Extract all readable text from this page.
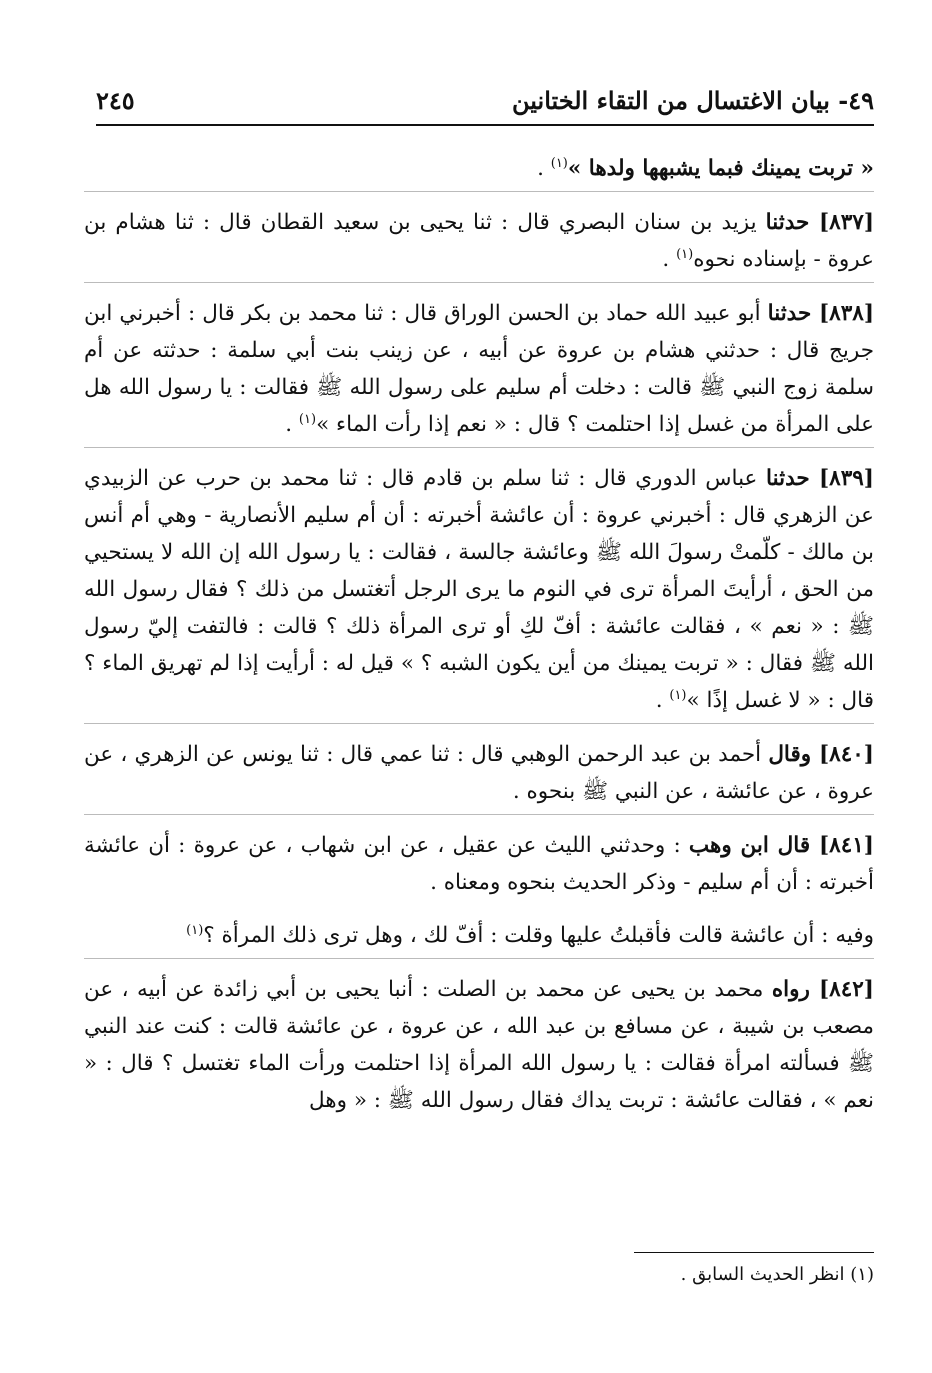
٤٩- بيان الاغتسال من التقاء الختانين
٢٤٥

« تربت يمينك فبما يشبهها ولدها »$^{(١)}$ .

[٨٣٧] حدثنا يزيد بن سنان البصري قال : ثنا يحيى بن سعيد القطان قال : ثنا هشام بن عروة - بإسناده نحوه$^{(١)}$ .

[٨٣٨] حدثنا أبو عبيد الله حماد بن الحسن الوراق قال : ثنا محمد بن بكر قال : أخبرني ابن جريج قال : حدثني هشام بن عروة عن أبيه ، عن زينب بنت أبي سلمة : حدثته عن أم سلمة زوج النبي ﷺ قالت : دخلت أم سليم على رسول الله ﷺ فقالت : يا رسول الله هل على المرأة من غسل إذا احتلمت ؟ قال : « نعم إذا رأت الماء »$^{(١)}$ .

[٨٣٩] حدثنا عباس الدوري قال : ثنا سلم بن قادم قال : ثنا محمد بن حرب عن الزبيدي عن الزهري قال : أخبرني عروة : أن عائشة أخبرته : أن أم سليم الأنصارية - وهي أم أنس بن مالك - كلّمتْ رسولَ الله ﷺ وعائشة جالسة ، فقالت : يا رسول الله إن الله لا يستحيي من الحق ، أرأيتَ المرأة ترى في النوم ما يرى الرجل أتغتسل من ذلك ؟ فقال رسول الله ﷺ : « نعم » ، فقالت عائشة : أفّ لكِ أو ترى المرأة ذلك ؟ قالت : فالتفت إليّ رسول الله ﷺ فقال : « تربت يمينك من أين يكون الشبه ؟ » قيل له : أرأيت إذا لم تهريق الماء ؟ قال : « لا غسل إذًا »$^{(١)}$ .

[٨٤٠] وقال أحمد بن عبد الرحمن الوهبي قال : ثنا عمي قال : ثنا يونس عن الزهري ، عن عروة ، عن عائشة ، عن النبي ﷺ بنحوه .

[٨٤١] قال ابن وهب : وحدثني الليث عن عقيل ، عن ابن شهاب ، عن عروة : أن عائشة أخبرته : أن أم سليم - وذكر الحديث بنحوه ومعناه .

وفيه : أن عائشة قالت فأقبلتُ عليها وقلت : أفّ لك ، وهل ترى ذلك المرأة ؟$^{(١)}$

[٨٤٢] رواه محمد بن يحيى عن محمد بن الصلت : أنبا يحيى بن أبي زائدة عن أبيه ، عن مصعب بن شيبة ، عن مسافع بن عبد الله ، عن عروة ، عن عائشة قالت : كنت عند النبي ﷺ فسألته امرأة فقالت : يا رسول الله المرأة إذا احتلمت ورأت الماء تغتسل ؟ قال : « نعم » ، فقالت عائشة : تربت يداك فقال رسول الله ﷺ : « وهل

(١) انظر الحديث السابق .
